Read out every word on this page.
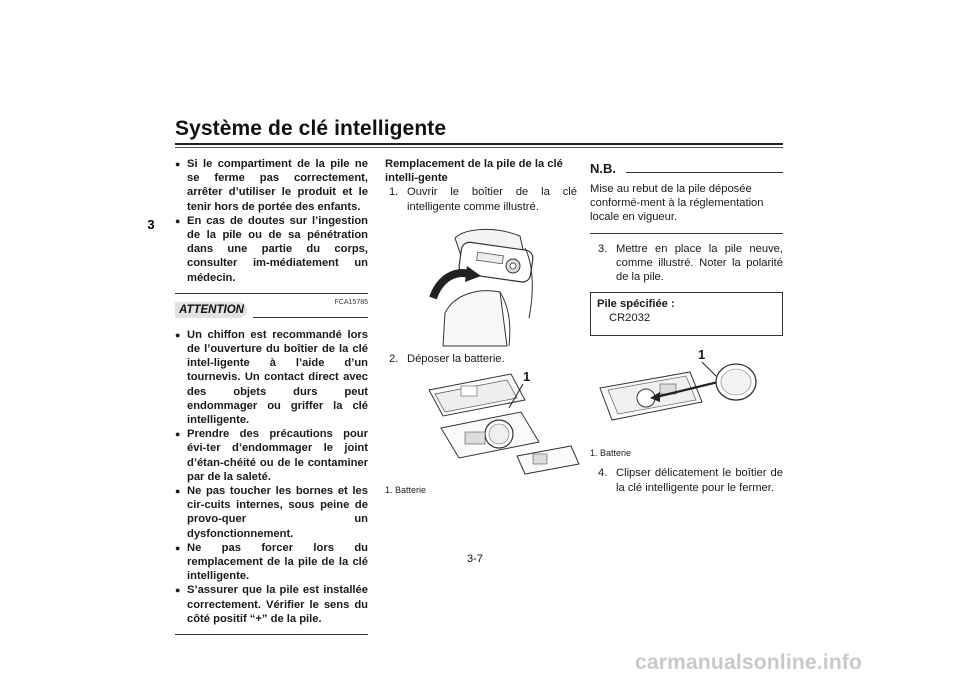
Système de clé intelligente
3
● Si le compartiment de la pile ne se ferme pas correctement, arrêter d’utiliser le produit et le tenir hors de portée des enfants.
● En cas de doutes sur l’ingestion de la pile ou de sa pénétration dans une partie du corps, consulter im-médiatement un médecin.
ATTENTION
FCA15785
● Un chiffon est recommandé lors de l’ouverture du boîtier de la clé intel-ligente à l’aide d’un tournevis. Un contact direct avec des objets durs peut endommager ou griffer la clé intelligente.
● Prendre des précautions pour évi-ter d’endommager le joint d’étan-chéité ou de le contaminer par de la saleté.
● Ne pas toucher les bornes et les cir-cuits internes, sous peine de provo-quer un dysfonctionnement.
● Ne pas forcer lors du remplacement de la pile de la clé intelligente.
● S’assurer que la pile est installée correctement. Vérifier le sens du côté positif “+” de la pile.
Remplacement de la pile de la clé intelli-gente
1. Ouvrir le boîtier de la clé intelligente comme illustré.
2. Déposer la batterie.
1
1. Batterie
N.B.
Mise au rebut de la pile déposée conformé-ment à la réglementation locale en vigueur.
3. Mettre en place la pile neuve, comme illustré. Noter la polarité de la pile.
Pile spécifiée :
CR2032
1
1. Batterie
4. Clipser délicatement le boîtier de la clé intelligente pour le fermer.
3-7
carmanualsonline.info
